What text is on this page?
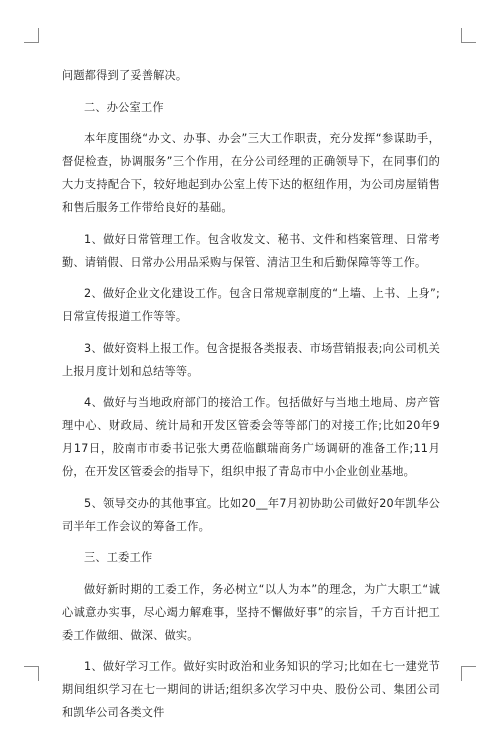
问题都得到了妥善解决。

二、办公室工作

本年度围绕“办文、办事、办会”三大工作职责，充分发挥“参谋助手，督促检查，协调服务”三个作用，在分公司经理的正确领导下，在同事们的大力支持配合下，较好地起到办公室上传下达的枢纽作用，为公司房屋销售和售后服务工作带给良好的基础。

1、做好日常管理工作。包含收发文、秘书、文件和档案管理、日常考勤、请销假、日常办公用品采购与保管、清洁卫生和后勤保障等等工作。

2、做好企业文化建设工作。包含日常规章制度的“上墙、上书、上身”;日常宣传报道工作等等。

3、做好资料上报工作。包含提报各类报表、市场营销报表;向公司机关上报月度计划和总结等等。

4、做好与当地政府部门的接洽工作。包括做好与当地土地局、房产管理中心、财政局、统计局和开发区管委会等等部门的对接工作;比如20年9月17日，胶南市市委书记张大勇莅临麒瑞商务广场调研的准备工作;11月份，在开发区管委会的指导下，组织申报了青岛市中小企业创业基地。

5、领导交办的其他事宜。比如20__年7月初协助公司做好20年凯华公司半年工作会议的筹备工作。

三、工委工作

做好新时期的工委工作，务必树立“以人为本”的理念，为广大职工“诚心诚意办实事，尽心竭力解难事，坚持不懈做好事”的宗旨，千方百计把工委工作做细、做深、做实。

1、做好学习工作。做好实时政治和业务知识的学习;比如在七一建党节期间组织学习在七一期间的讲话;组织多次学习中央、股份公司、集团公司和凯华公司各类文件
